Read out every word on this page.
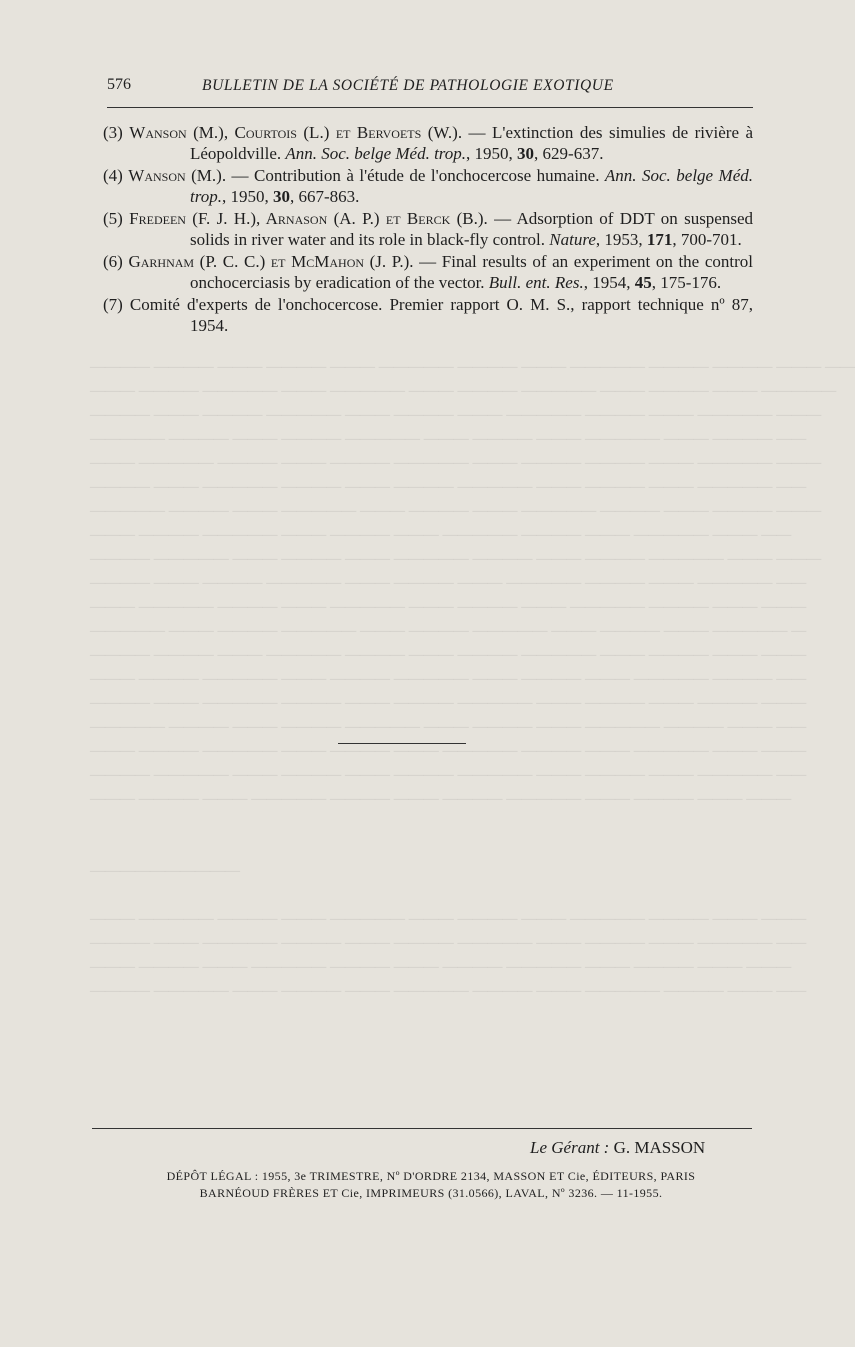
576	BULLETIN DE LA SOCIÉTÉ DE PATHOLOGIE EXOTIQUE
(3) Wanson (M.), Courtois (L.) et Bervoets (W.). — L'extinction des simulies de rivière à Léopoldville. Ann. Soc. belge Méd. trop., 1950, 30, 629-637.
(4) Wanson (M.). — Contribution à l'étude de l'onchocercose humaine. Ann. Soc. belge Méd. trop., 1950, 30, 667-863.
(5) Fredeen (F. J. H.), Arnason (A. P.) et Berck (B.). — Adsorption of DDT on suspensed solids in river water and its role in black-fly control. Nature, 1953, 171, 700-701.
(6) Garhnam (P. C. C.) et McMahon (J. P.). — Final results of an experiment on the control onchocerciasis by eradication of the vector. Bull. ent. Res., 1954, 45, 175-176.
(7) Comité d'experts de l'onchocercose. Premier rapport O. M. S., rapport technique nº 87, 1954.
———— ———— ——— ———— ——— ————— ———— ——— ————— ———— ———— ——— ——
——— ———— ————— ——— ————— ——— ———— ————— ——— ———— ——— —————
———— ——— ———— ————— ——— ———— ——— ————— ———— ——— ————— ———
————— ———— ——— ———— ————— ——— ———— ——— ————— ——— ———— ——
——— ————— ———— ——— ———— ————— ——— ———— ———— ——— ————— ———
———— ——— ————— ———— ——— ———— ————— ——— ———— ——— ————— ——
————— ———— ——— ————— ——— ———— ——— ————— ———— ——— ———— ———
——— ———— ————— ——— ———— ——— ————— ———— ——— ————— ——— ——
———— ————— ——— ———— ——— ————— ———— ——— ———— ————— ——— ———
———— ——— ———— ————— ——— ———— ——— ————— ———— ——— ————— ——
——— ————— ———— ——— ————— ——— ———— ——— ————— ———— ——— ———
————— ——— ———— ————— ——— ———— ————— ——— ———— ——— ————— —
———— ———— ——— ————— ———— ——— ———— ————— ——— ———— ——— ———
——— ———— ————— ——— ———— ————— ——— ———— ——— ————— ———— ——
———— ——— ————— ———— ——— ———— ————— ——— ———— ——— ———— ———
————— ———— ——— ———— ————— ——— ———— ——— ————— ———— ——— ——
——— ———— ————— ——— ———— ——— ————— ———— ——— ————— ——— ———
———— ————— ——— ———— ——— ———— ————— ——— ———— ——— ————— ——
——— ———— ——— ————— ———— ——— ———— ————— ——— ———— ——— ———

——————————

——— ————— ———— ——— ————— ——— ———— ——— ————— ———— ——— ———
———— ——— ————— ———— ——— ———— ————— ——— ———— ——— ————— ——
——— ———— ——— ————— ———— ——— ———— ————— ——— ———— ——— ———
———— ————— ——— ———— ——— ————— ———— ——— ————— ———— ——— ——
Le Gérant : G. MASSON
DÉPÔT LÉGAL : 1955, 3e TRIMESTRE, Nº D'ORDRE 2134, MASSON ET Cie, ÉDITEURS, PARIS
BARNÉOUD FRÈRES ET Cie, IMPRIMEURS (31.0566), LAVAL, Nº 3236. — 11-1955.
